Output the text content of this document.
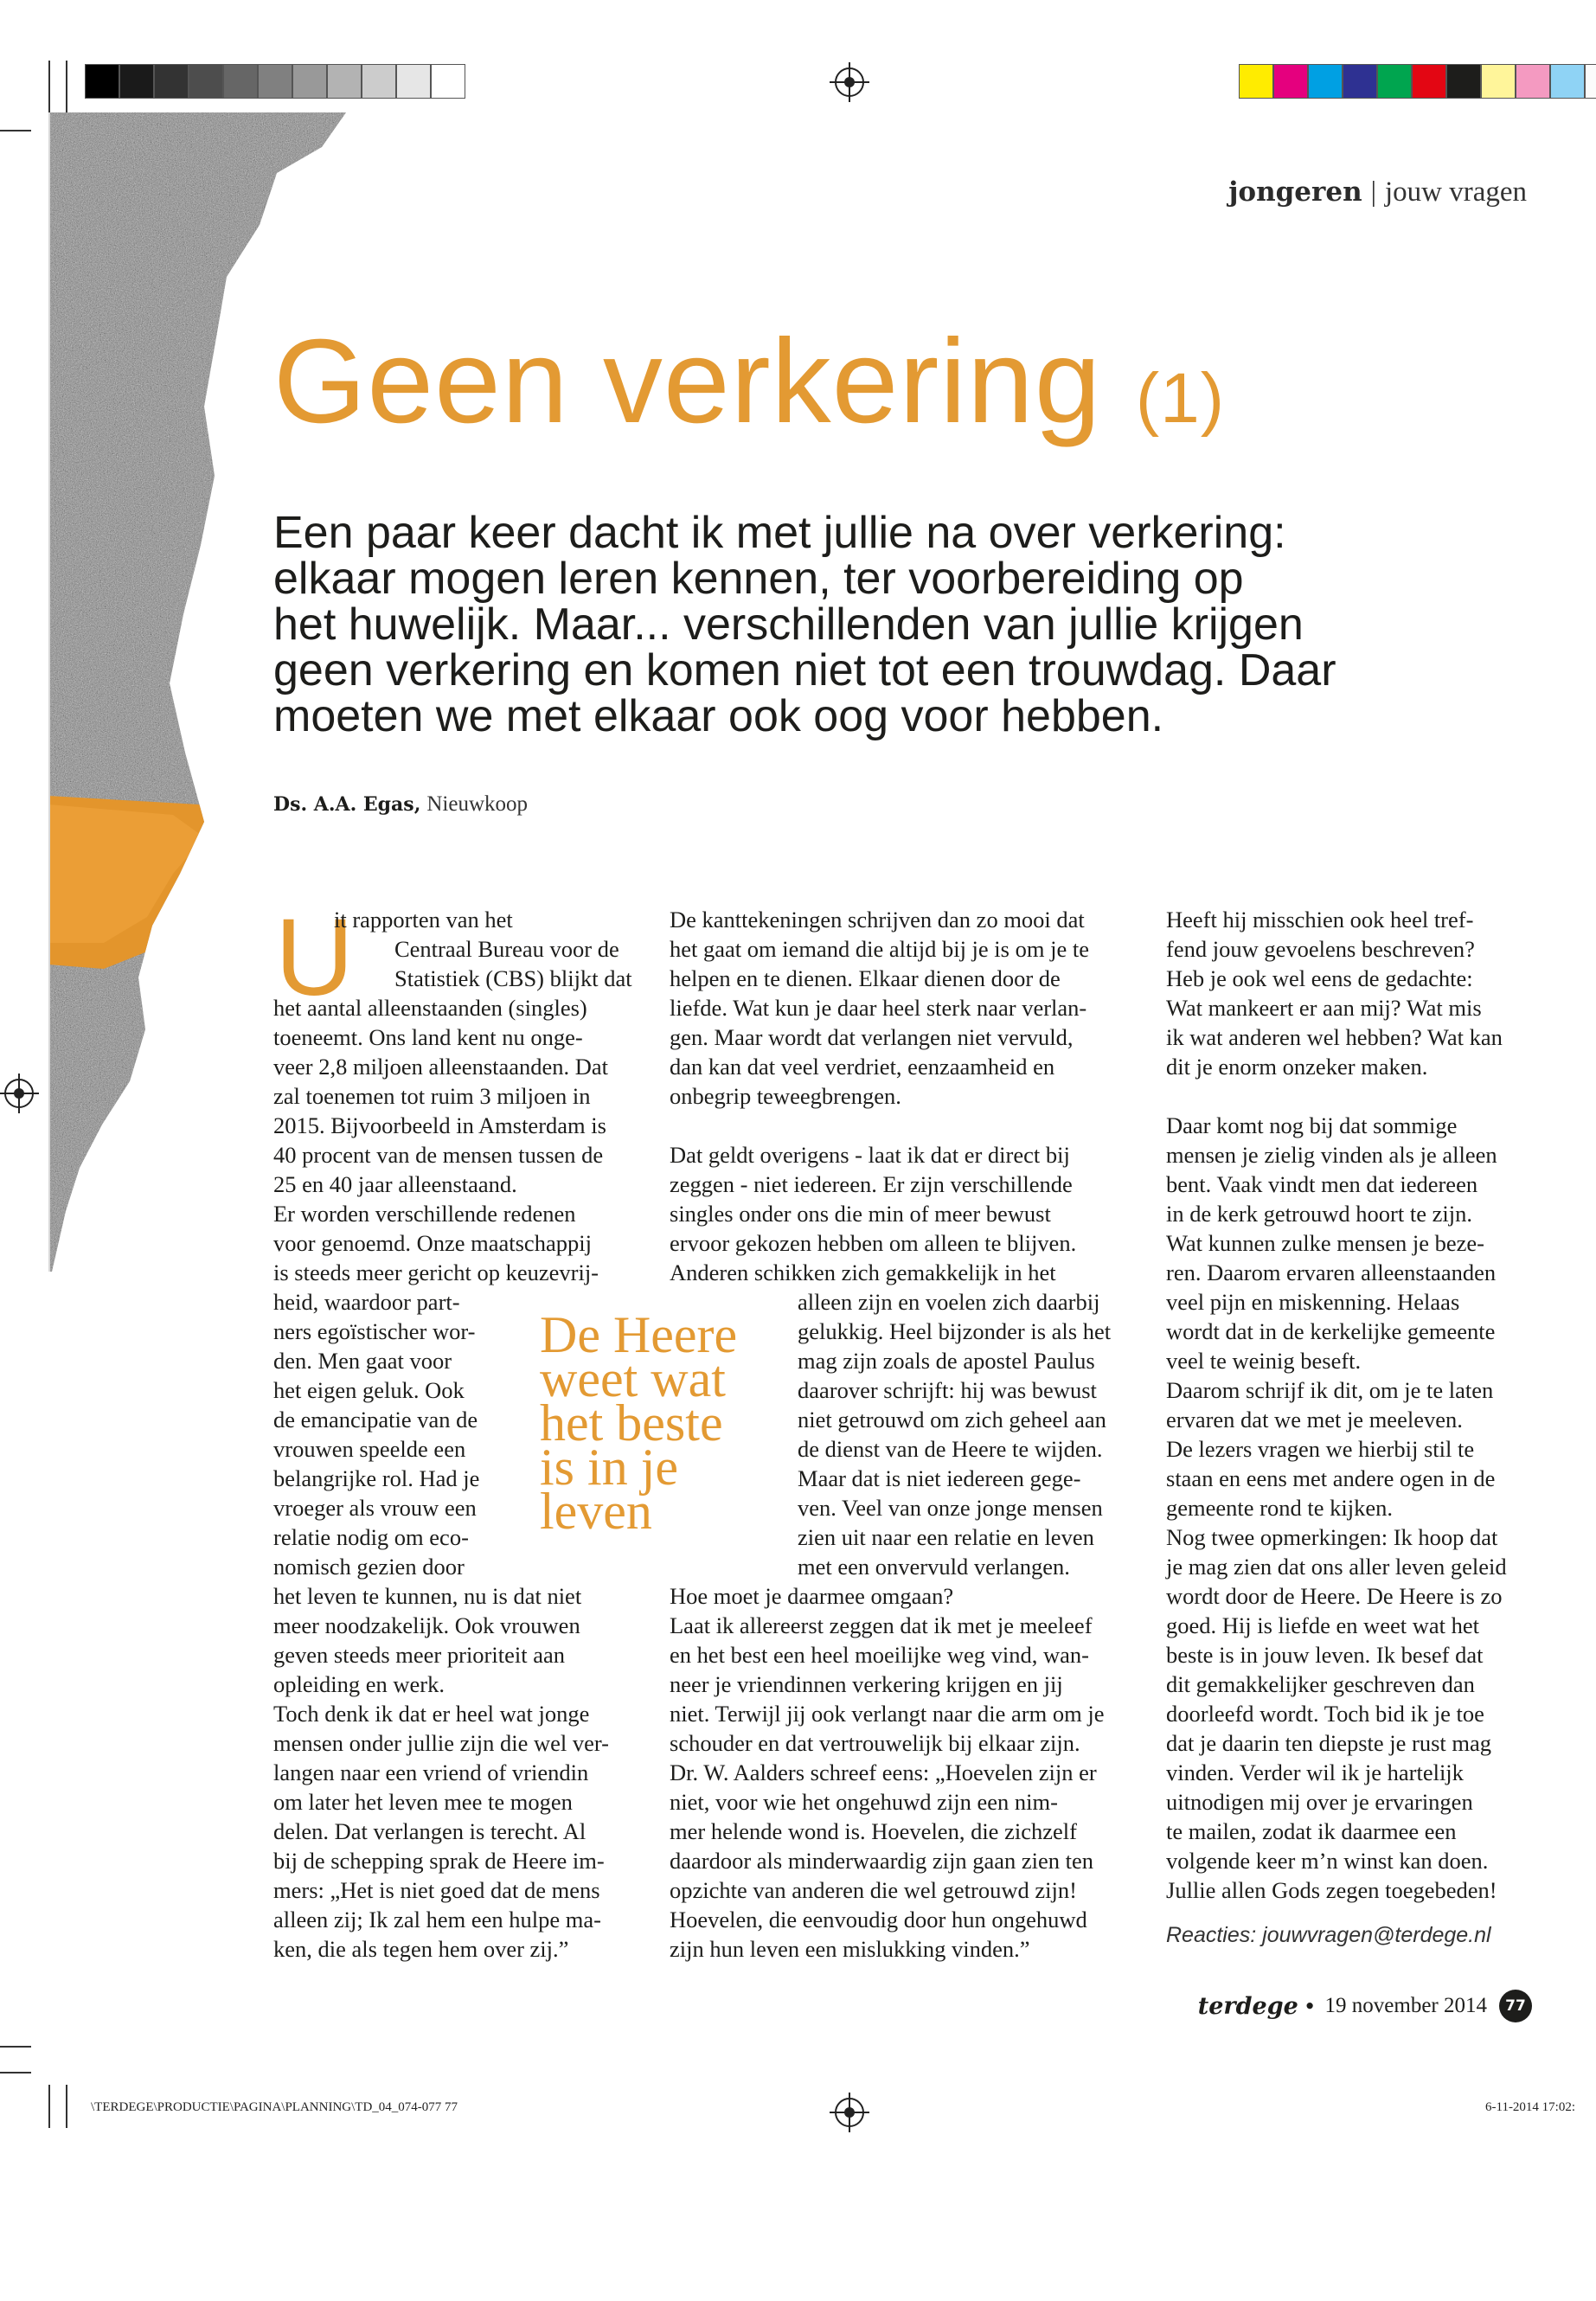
jongeren | jouw vragen
Geen verkering (1)
Een paar keer dacht ik met jullie na over verkering:
elkaar mogen leren kennen, ter voorbereiding op
het huwelijk. Maar... verschillenden van jullie krijgen
geen verkering en komen niet tot een trouwdag. Daar
moeten we met elkaar ook oog voor hebben.
Ds. A.A. Egas, Nieuwkoop
U
it rapporten van het
Centraal Bureau voor de
Statistiek (CBS) blijkt dat
het aantal alleenstaanden (singles)
toeneemt. Ons land kent nu onge-
veer 2,8 miljoen alleenstaanden. Dat
zal toenemen tot ruim 3 miljoen in
2015. Bijvoorbeeld in Amsterdam is
40 procent van de mensen tussen de
25 en 40 jaar alleenstaand.
Er worden verschillende redenen
voor genoemd. Onze maatschappij
is steeds meer gericht op keuzevrij-
heid, waardoor part-
ners egoïstischer wor-
den. Men gaat voor
het eigen geluk. Ook
de emancipatie van de
vrouwen speelde een
belangrijke rol. Had je
vroeger als vrouw een
relatie nodig om eco-
nomisch gezien door
het leven te kunnen, nu is dat niet
meer noodzakelijk. Ook vrouwen
geven steeds meer prioriteit aan
opleiding en werk.
Toch denk ik dat er heel wat jonge
mensen onder jullie zijn die wel ver-
langen naar een vriend of vriendin
om later het leven mee te mogen
delen. Dat verlangen is terecht. Al
bij de schepping sprak de Heere im-
mers: „Het is niet goed dat de mens
alleen zij; Ik zal hem een hulpe ma-
ken, die als tegen hem over zij.”
De Heere
weet wat
het beste
is in je
leven
De kanttekeningen schrijven dan zo mooi dat
het gaat om iemand die altijd bij je is om je te
helpen en te dienen. Elkaar dienen door de
liefde. Wat kun je daar heel sterk naar verlan-
gen. Maar wordt dat verlangen niet vervuld,
dan kan dat veel verdriet, eenzaamheid en
onbegrip teweegbrengen.
Dat geldt overigens - laat ik dat er direct bij
zeggen - niet iedereen. Er zijn verschillende
singles onder ons die min of meer bewust
ervoor gekozen hebben om alleen te blijven.
Anderen schikken zich gemakkelijk in het
alleen zijn en voelen zich daarbij
gelukkig. Heel bijzonder is als het
mag zijn zoals de apostel Paulus
daarover schrijft: hij was bewust
niet getrouwd om zich geheel aan
de dienst van de Heere te wijden.
Maar dat is niet iedereen gege-
ven. Veel van onze jonge mensen
zien uit naar een relatie en leven
met een onvervuld verlangen.
Hoe moet je daarmee omgaan?
Laat ik allereerst zeggen dat ik met je meeleef
en het best een heel moeilijke weg vind, wan-
neer je vriendinnen verkering krijgen en jij
niet. Terwijl jij ook verlangt naar die arm om je
schouder en dat vertrouwelijk bij elkaar zijn.
Dr. W. Aalders schreef eens: „Hoevelen zijn er
niet, voor wie het ongehuwd zijn een nim-
mer helende wond is. Hoevelen, die zichzelf
daardoor als minderwaardig zijn gaan zien ten
opzichte van anderen die wel getrouwd zijn!
Hoevelen, die eenvoudig door hun ongehuwd
zijn hun leven een mislukking vinden.”
Heeft hij misschien ook heel tref-
fend jouw gevoelens beschreven?
Heb je ook wel eens de gedachte:
Wat mankeert er aan mij? Wat mis
ik wat anderen wel hebben? Wat kan
dit je enorm onzeker maken.
Daar komt nog bij dat sommige
mensen je zielig vinden als je alleen
bent. Vaak vindt men dat iedereen
in de kerk getrouwd hoort te zijn.
Wat kunnen zulke mensen je beze-
ren. Daarom ervaren alleenstaanden
veel pijn en miskenning. Helaas
wordt dat in de kerkelijke gemeente
veel te weinig beseft.
Daarom schrijf ik dit, om je te laten
ervaren dat we met je meeleven.
De lezers vragen we hierbij stil te
staan en eens met andere ogen in de
gemeente rond te kijken.
Nog twee opmerkingen: Ik hoop dat
je mag zien dat ons aller leven geleid
wordt door de Heere. De Heere is zo
goed. Hij is liefde en weet wat het
beste is in jouw leven. Ik besef dat
dit gemakkelijker geschreven dan
doorleefd wordt. Toch bid ik je toe
dat je daarin ten diepste je rust mag
vinden. Verder wil ik je hartelijk
uitnodigen mij over je ervaringen
te mailen, zodat ik daarmee een
volgende keer m’n winst kan doen.
Jullie allen Gods zegen toegebeden!
Reacties: jouwvragen@terdege.nl
terdege • 19 november 2014	77
\TERDEGE\PRODUCTIE\PAGINA\PLANNING\TD_04_074-077 77	6-11-2014 17:02:
